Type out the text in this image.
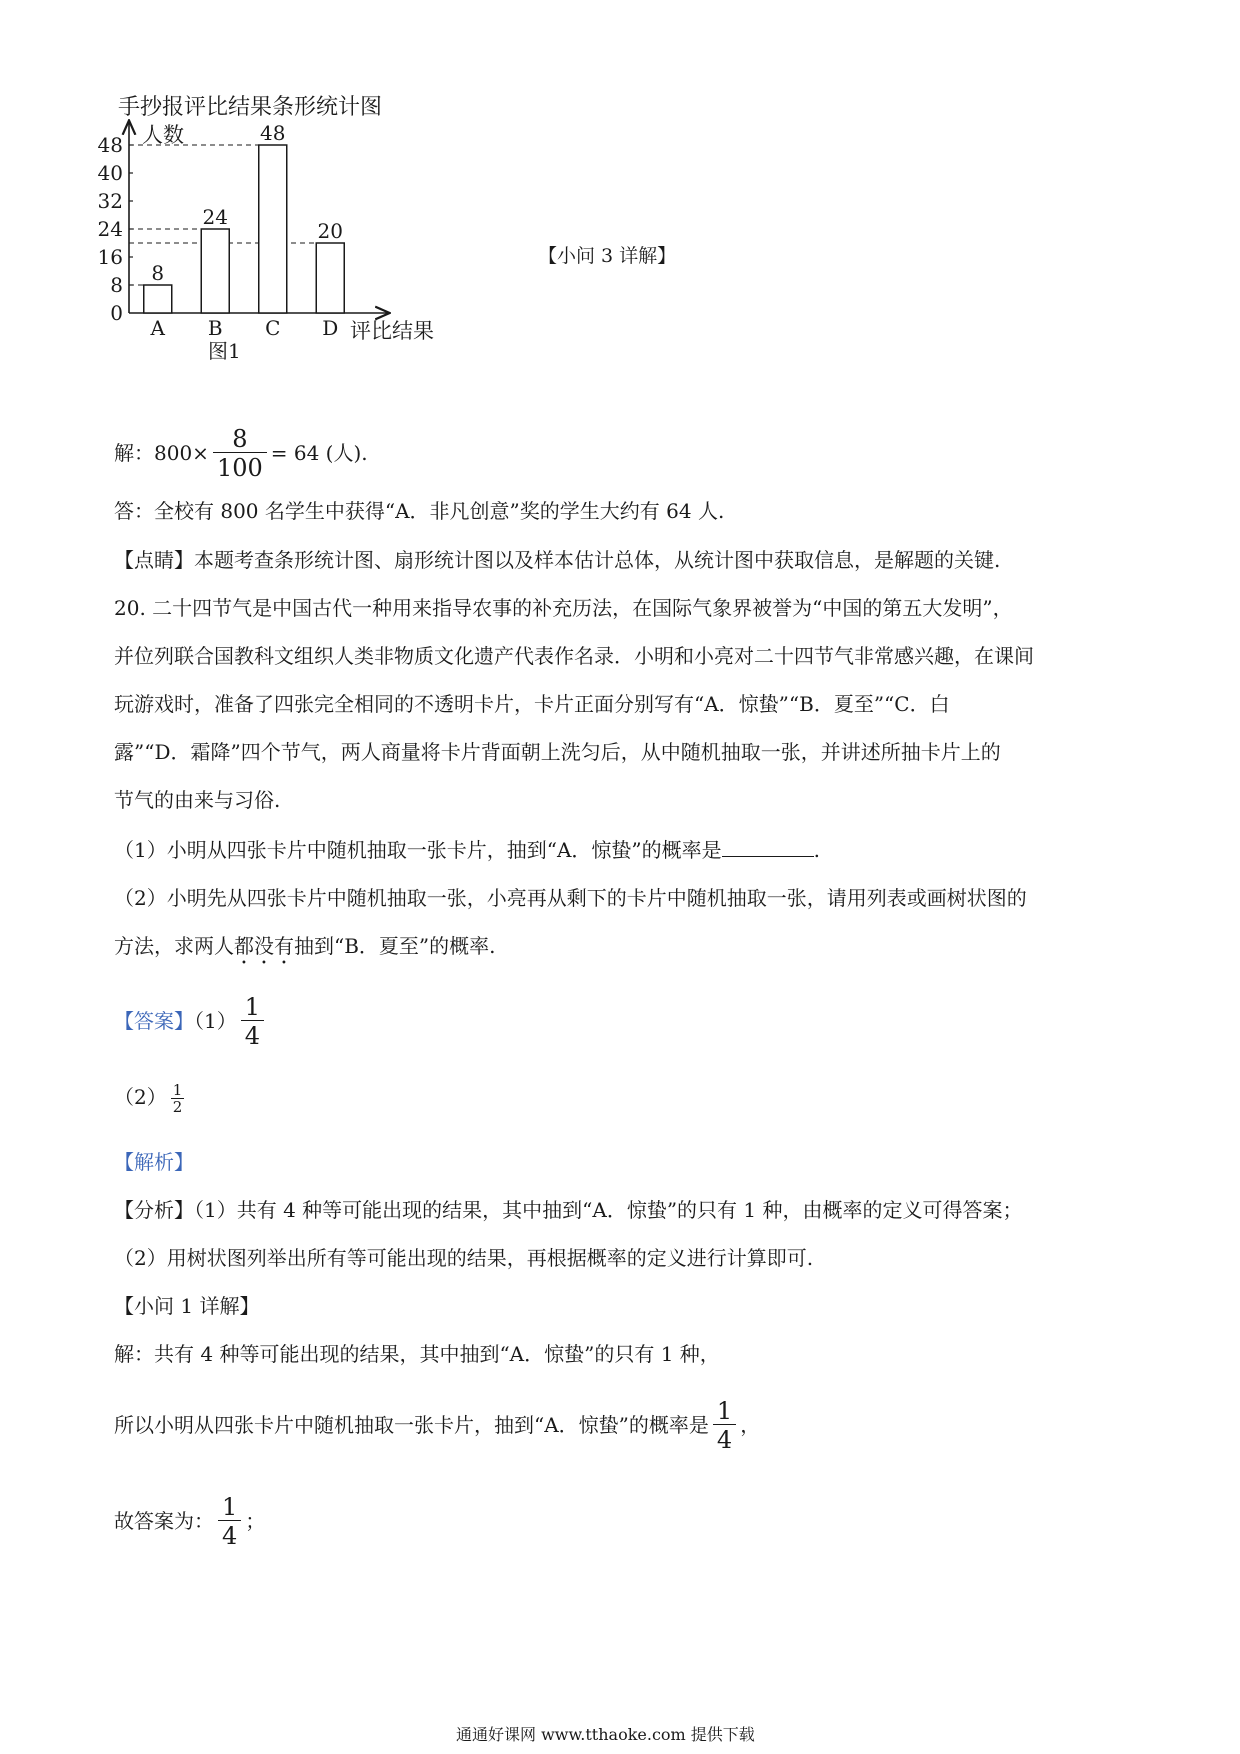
手抄报评比结果条形统计图
人数
评比结果
图1
0
8
16
24
32
40
48
A B C D
8
24
48
20
【小问 3 详解】
解：$800\times \frac{8}{100} = 64$ (人).
答：全校有 800 名学生中获得“A．非凡创意”奖的学生大约有 64 人.
【点睛】本题考查条形统计图、扇形统计图以及样本估计总体，从统计图中获取信息，是解题的关键.
20. 二十四节气是中国古代一种用来指导农事的补充历法，在国际气象界被誉为“中国的第五大发明”，
并位列联合国教科文组织人类非物质文化遗产代表作名录．小明和小亮对二十四节气非常感兴趣，在课间
玩游戏时，准备了四张完全相同的不透明卡片，卡片正面分别写有“A．惊蛰”“B．夏至”“C．白
露”“D．霜降”四个节气，两人商量将卡片背面朝上洗匀后，从中随机抽取一张，并讲述所抽卡片上的
节气的由来与习俗.
（1）小明从四张卡片中随机抽取一张卡片，抽到“A．惊蛰”的概率是	.
（2）小明先从四张卡片中随机抽取一张，小亮再从剩下的卡片中随机抽取一张，请用列表或画树状图的
方法，求两人都没有抽到“B．夏至”的概率.
【答案】$(1) \frac{1}{4}$
$(2) \frac{1}{2}$
【解析】
【分析】（1）共有 4 种等可能出现的结果，其中抽到“A．惊蛰”的只有 1 种，由概率的定义可得答案；
（2）用树状图列举出所有等可能出现的结果，再根据概率的定义进行计算即可.
【小问 1 详解】
解：共有 4 种等可能出现的结果，其中抽到“A．惊蛰”的只有 1 种，
所以小明从四张卡片中随机抽取一张卡片，抽到“A．惊蛰”的概率是 $\frac{1}{4}$ ，
故答案为： $\frac{1}{4}$ ；
通通好课网 www.tthaoke.com 提供下载
